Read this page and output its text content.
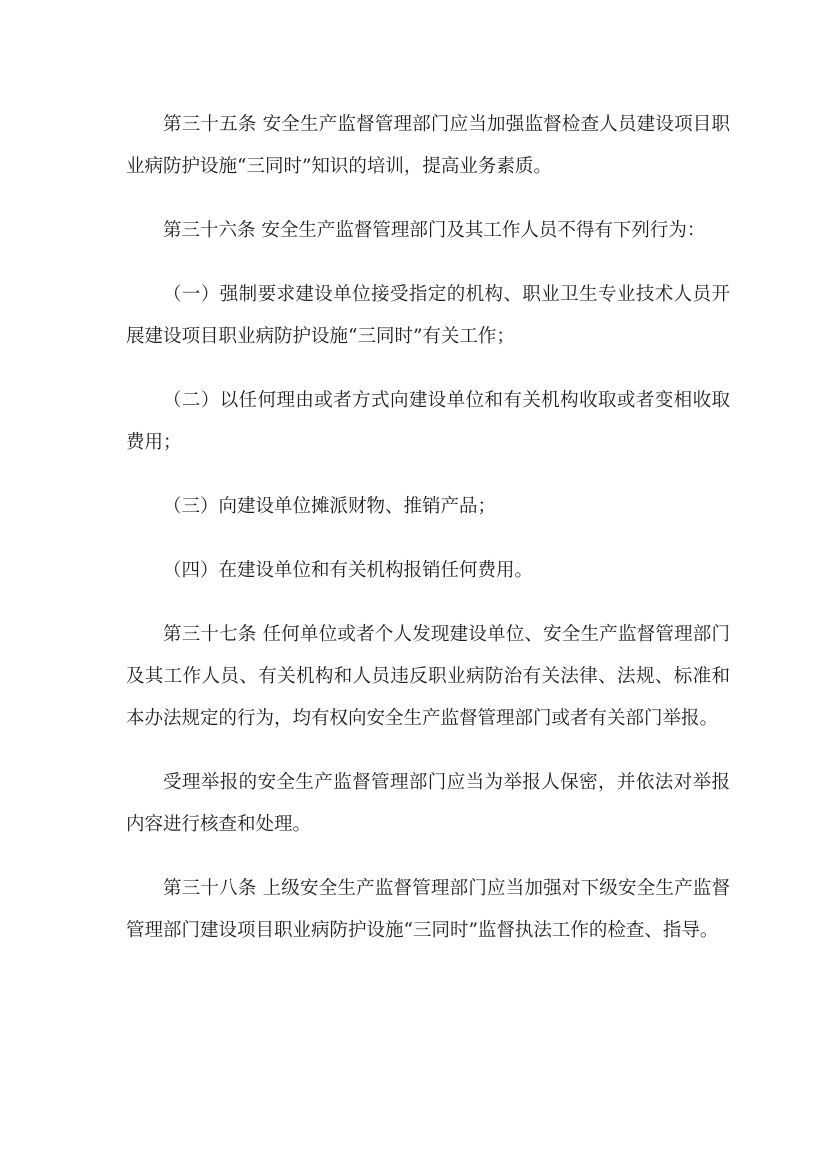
第三十五条 安全生产监督管理部门应当加强监督检查人员建设项目职业病防护设施“三同时”知识的培训，提高业务素质。

第三十六条 安全生产监督管理部门及其工作人员不得有下列行为：

（一）强制要求建设单位接受指定的机构、职业卫生专业技术人员开展建设项目职业病防护设施“三同时”有关工作；

（二）以任何理由或者方式向建设单位和有关机构收取或者变相收取费用；

（三）向建设单位摊派财物、推销产品；

（四）在建设单位和有关机构报销任何费用。

第三十七条 任何单位或者个人发现建设单位、安全生产监督管理部门及其工作人员、有关机构和人员违反职业病防治有关法律、法规、标准和本办法规定的行为，均有权向安全生产监督管理部门或者有关部门举报。

受理举报的安全生产监督管理部门应当为举报人保密，并依法对举报内容进行核查和处理。

第三十八条 上级安全生产监督管理部门应当加强对下级安全生产监督管理部门建设项目职业病防护设施“三同时”监督执法工作的检查、指导。
